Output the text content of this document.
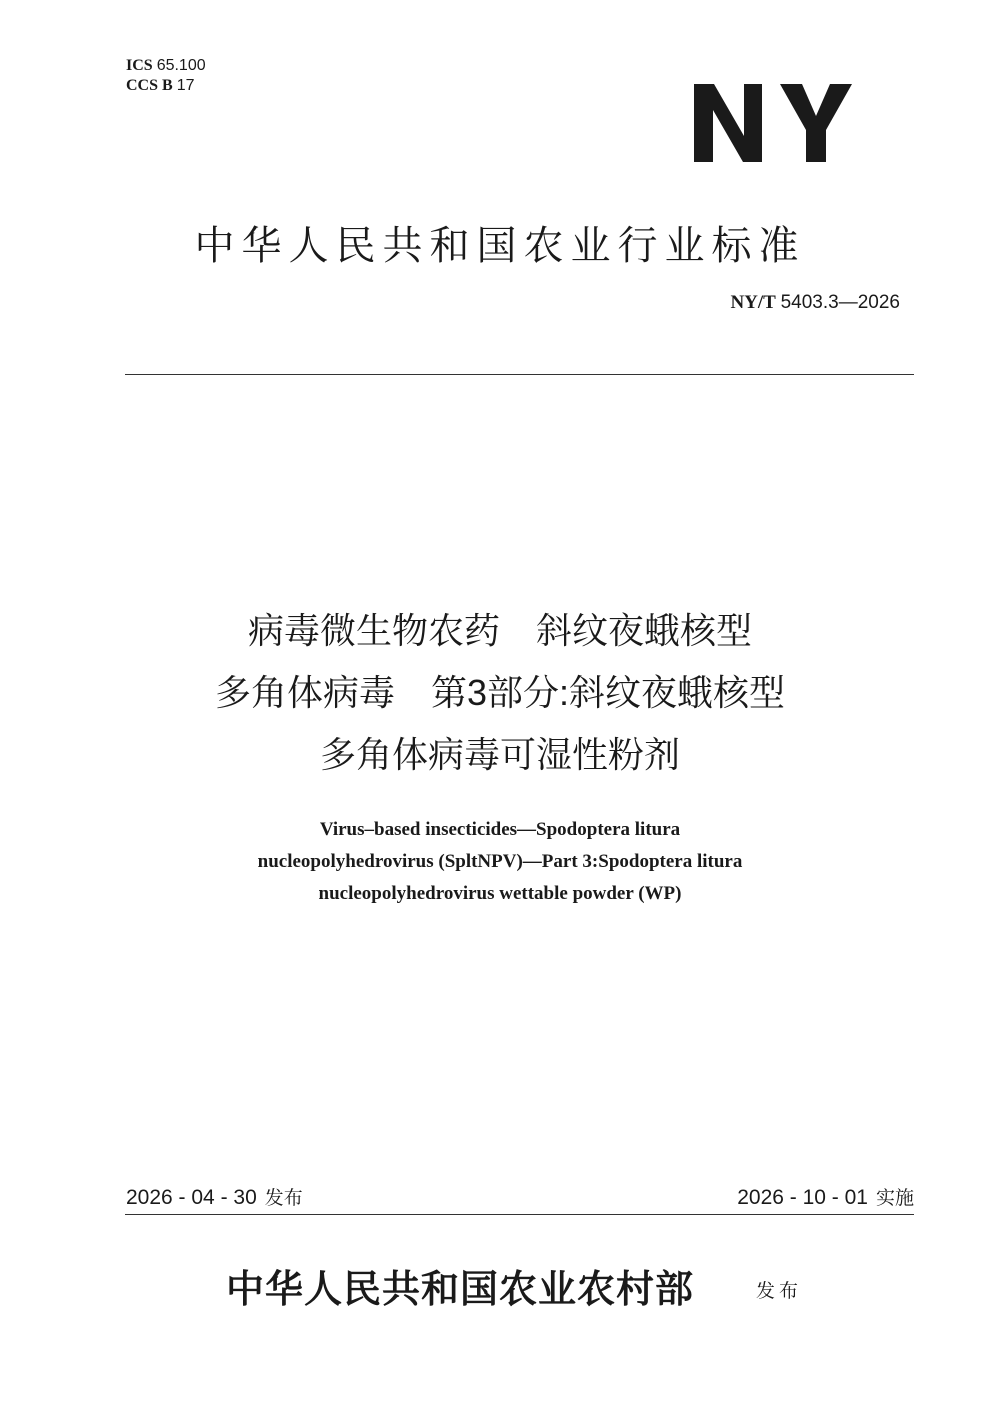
ICS 65.100
CCS B 17
中华人民共和国农业行业标准
NY/T 5403.3—2026
病毒微生物农药　斜纹夜蛾核型
多角体病毒　第3部分:斜纹夜蛾核型
多角体病毒可湿性粉剂
Virus–based insecticides—Spodoptera litura
nucleopolyhedrovirus (SpltNPV)—Part 3:Spodoptera litura
nucleopolyhedrovirus wettable powder (WP)
2026 - 04 - 30 发布	2026 - 10 - 01 实施
中华人民共和国农业农村部	发布
